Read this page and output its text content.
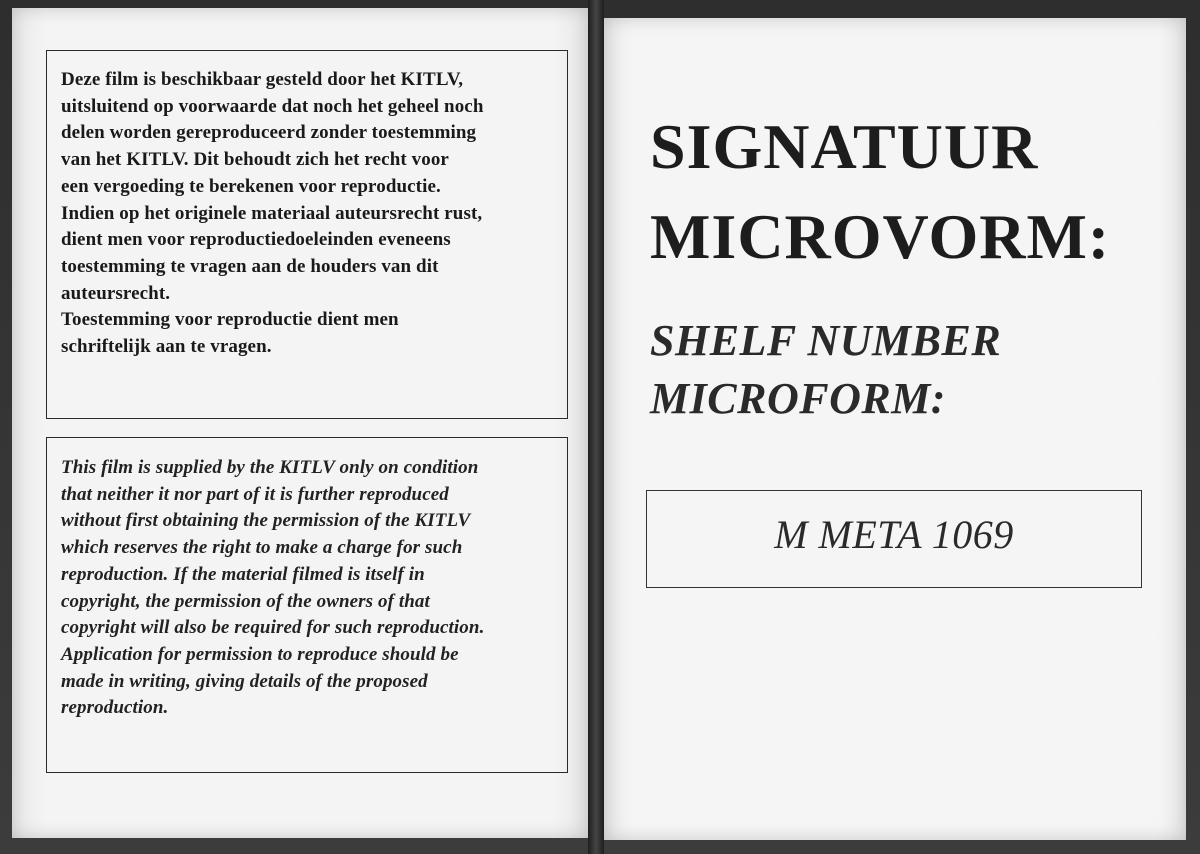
Deze film is beschikbaar gesteld door het KITLV,
uitsluitend op voorwaarde dat noch het geheel noch
delen worden gereproduceerd zonder toestemming
van het KITLV. Dit behoudt zich het recht voor
een vergoeding te berekenen voor reproductie.
Indien op het originele materiaal auteursrecht rust,
dient men voor reproductiedoeleinden eveneens
toestemming te vragen aan de houders van dit
auteursrecht.
Toestemming voor reproductie dient men
schriftelijk aan te vragen.

This film is supplied by the KITLV only on condition
that neither it nor part of it is further reproduced
without first obtaining the permission of the KITLV
which reserves the right to make a charge for such
reproduction. If the material filmed is itself in
copyright, the permission of the owners of that
copyright will also be required for such reproduction.
Application for permission to reproduce should be
made in writing, giving details of the proposed
reproduction.

SIGNATUUR
MICROVORM:
SHELF NUMBER
MICROFORM:
M META 1069
